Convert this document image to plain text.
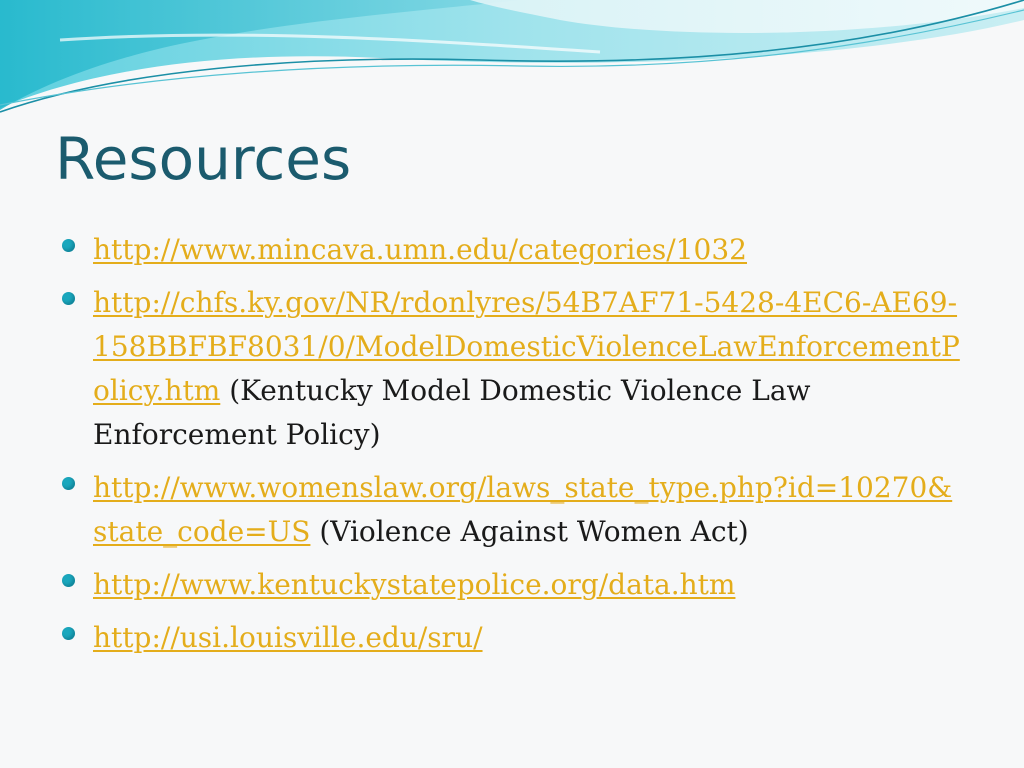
Resources
http://www.mincava.umn.edu/categories/1032
http://chfs.ky.gov/NR/rdonlyres/54B7AF71-5428-4EC6-AE69-158BBFBF8031/0/ModelDomesticViolenceLawEnforcementPolicy.htm (Kentucky Model Domestic Violence Law Enforcement Policy)
http://www.womenslaw.org/laws_state_type.php?id=10270&state_code=US (Violence Against Women Act)
http://www.kentuckystatepolice.org/data.htm
http://usi.louisville.edu/sru/
